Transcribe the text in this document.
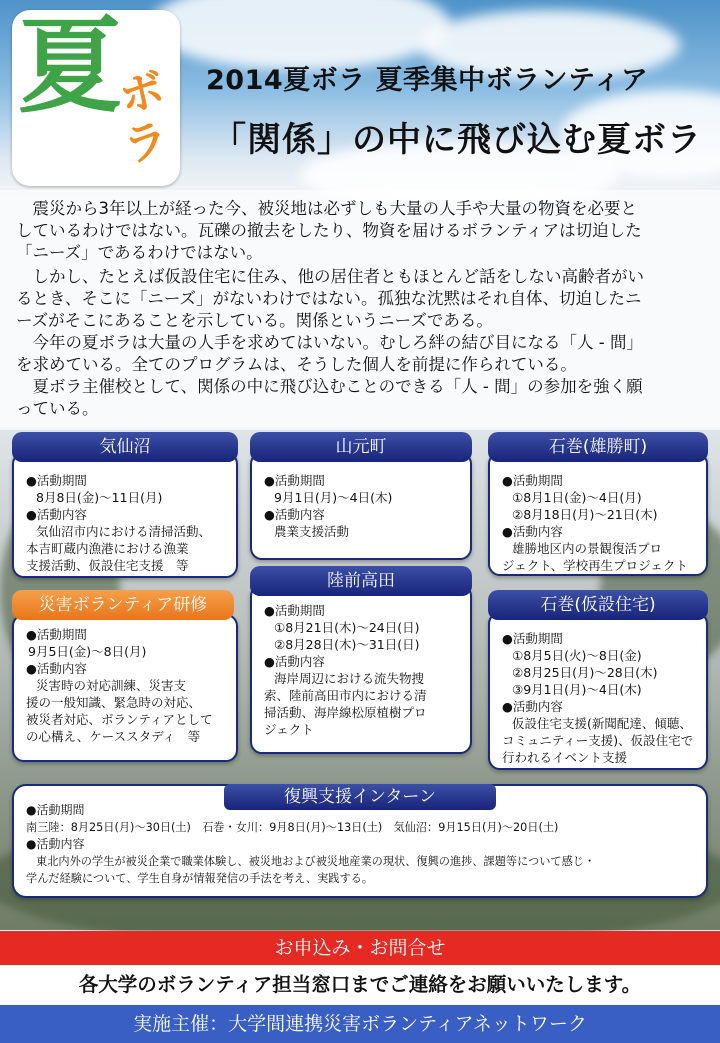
夏
ボ
ラ
2014夏ボラ 夏季集中ボランティア
「関係」の中に飛び込む夏ボラ

　震災から3年以上が経った今、被災地は必ずしも大量の人手や大量の物資を必要と

しているわけではない。瓦礫の撤去をしたり、物資を届けるボランティアは切迫した

「ニーズ」であるわけではない。

　しかし、たとえば仮設住宅に住み、他の居住者ともほとんど話をしない高齢者がい

るとき、そこに「ニーズ」がないわけではない。孤独な沈黙はそれ自体、切迫したニ

ーズがそこにあることを示している。関係というニーズである。

　今年の夏ボラは大量の人手を求めてはいない。むしろ絆の結び目になる「人 - 間」

を求めている。全てのプログラムは、そうした個人を前提に作られている。

　夏ボラ主催校として、関係の中に飛び込むことのできる「人 - 間」の参加を強く願

っている。

●活動期間
8月8日(金)～11日(月)
●活動内容
気仙沼市内における清掃活動、
本吉町蔵内漁港における漁業
支援活動、仮設住宅支援　等
気仙沼
●活動期間
9月1日(月)～4日(木)
●活動内容
農業支援活動
山元町
●活動期間
①8月1日(金)～4日(月)
②8月18日(月)～21日(木)
●活動内容
雄勝地区内の景観復活プロ
ジェクト、学校再生プロジェクト
石巻(雄勝町)
●活動期間
①8月21日(木)～24日(日)
②8月28日(木)～31日(日)
●活動内容
海岸周辺における流失物捜
索、陸前高田市内における清
掃活動、海岸線松原植樹プロ
ジェクト
陸前高田
●活動期間
9月5日(金)～8日(月)
●活動内容
災害時の対応訓練、災害支
援の一般知識、緊急時の対応、
被災者対応、ボランティアとして
の心構え、ケーススタディ　等
災害ボランティア研修
●活動期間
①8月5日(火)～8日(金)
②8月25日(月)～28日(木)
③9月1日(月)～4日(木)
●活動内容
仮設住宅支援(新聞配達、傾聴、
コミュニティー支援)、仮設住宅で
行われるイベント支援
石巻(仮設住宅)
●活動期間
南三陸：8月25日(月)～30日(土)　石巻・女川：9月8日(月)～13日(土)　気仙沼：9月15日(月)～20日(土)
●活動内容
東北内外の学生が被災企業で職業体験し、被災地および被災地産業の現状、復興の進捗、課題等について感じ・
学んだ経験について、学生自身が情報発信の手法を考え、実践する。
復興支援インターン
お申込み・お問合せ
各大学のボランティア担当窓口までご連絡をお願いいたします。
実施主催：大学間連携災害ボランティアネットワーク
